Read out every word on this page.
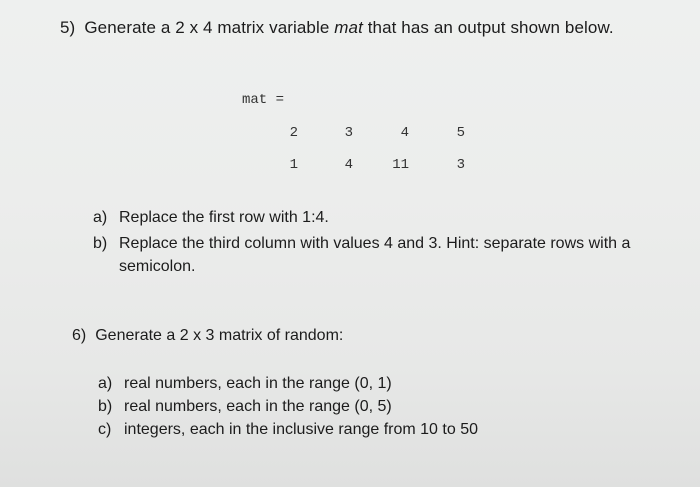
5) Generate a 2 x 4 matrix variable mat that has an output shown below.
mat =
2	3	4	5
1	4	11	3
a) Replace the first row with 1:4.
b) Replace the third column with values 4 and 3. Hint: separate rows with a
semicolon.
6) Generate a 2 x 3 matrix of random:
a) real numbers, each in the range (0, 1)
b) real numbers, each in the range (0, 5)
c) integers, each in the inclusive range from 10 to 50
